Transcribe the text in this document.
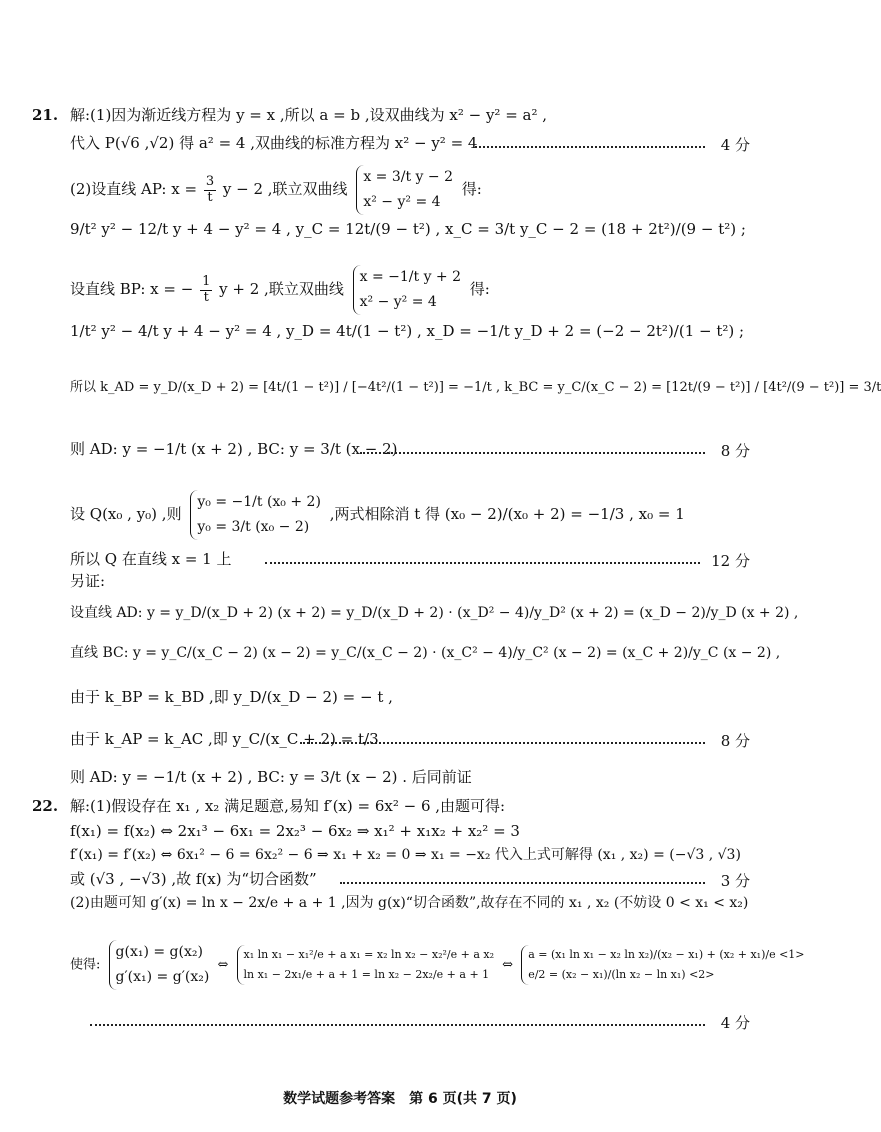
21. 解:(1)因为渐近线方程为 y = x ,所以 a = b ,设双曲线为 x² − y² = a² ,
代入 P(√6 ,√2) 得 a² = 4 ,双曲线的标准方程为 x² − y² = 4	4 分
(2)设直线 AP: $x = \frac{3}{t}$ y − 2 ,联立双曲线
x = 3/t y − 2
x² − y² = 4
得:
9/t² y² − 12/t y + 4 − y² = 4 , y_C = 12t/(9 − t²) , x_C = 3/t y_C − 2 = (18 + 2t²)/(9 − t²) ;
设直线 BP: x = − $\frac{1}{t}$ y + 2 ,联立双曲线
x = −1/t y + 2
x² − y² = 4
得:
1/t² y² − 4/t y + 4 − y² = 4 , y_D = 4t/(1 − t²) , x_D = −1/t y_D + 2 = (−2 − 2t²)/(1 − t²) ;
所以 k_AD = y_D/(x_D + 2) = [4t/(1 − t²)] / [−4t²/(1 − t²)] = −1/t , k_BC = y_C/(x_C − 2) = [12t/(9 − t²)] / [4t²/(9 − t²)] = 3/t
则 AD: y = −1/t (x + 2) , BC: y = 3/t (x − 2)	8 分
设 Q(x₀ , y₀) ,则
y₀ = −1/t (x₀ + 2)
y₀ = 3/t (x₀ − 2)
,两式相除消 t 得 (x₀ − 2)/(x₀ + 2) = −1/3 , x₀ = 1
所以 Q 在直线 x = 1 上	12 分
另证:
设直线 AD: y = y_D/(x_D + 2) (x + 2) = y_D/(x_D + 2) · (x_D² − 4)/y_D² (x + 2) = (x_D − 2)/y_D (x + 2) ,
直线 BC: y = y_C/(x_C − 2) (x − 2) = y_C/(x_C − 2) · (x_C² − 4)/y_C² (x − 2) = (x_C + 2)/y_C (x − 2) ,
由于 k_BP = k_BD ,即 y_D/(x_D − 2) = − t ,
由于 k_AP = k_AC ,即 y_C/(x_C + 2) = t/3	8 分
则 AD: y = −1/t (x + 2) , BC: y = 3/t (x − 2) . 后同前证
22. 解:(1)假设存在 x₁ , x₂ 满足题意,易知 f′(x) = 6x² − 6 ,由题可得:
f(x₁) = f(x₂) ⇔ 2x₁³ − 6x₁ = 2x₂³ − 6x₂ ⇒ x₁² + x₁x₂ + x₂² = 3
f′(x₁) = f′(x₂) ⇔ 6x₁² − 6 = 6x₂² − 6 ⇒ x₁ + x₂ = 0 ⇒ x₁ = −x₂ 代入上式可解得 (x₁ , x₂) = (−√3 , √3)
或 (√3 , −√3) ,故 f(x) 为“切合函数”	3 分
(2)由题可知 g′(x) = ln x − 2x/e + a + 1 ,因为 g(x)“切合函数”,故存在不同的 x₁ , x₂ (不妨设 0 < x₁ < x₂)
使得:
g(x₁) = g(x₂)
g′(x₁) = g′(x₂)
⇔
x₁ ln x₁ − x₁²/e + a x₁ = x₂ ln x₂ − x₂²/e + a x₂
ln x₁ − 2x₁/e + a + 1 = ln x₂ − 2x₂/e + a + 1
⇔
a = (x₁ ln x₁ − x₂ ln x₂)/(x₂ − x₁) + (x₂ + x₁)/e <1>
e/2 = (x₂ − x₁)/(ln x₂ − ln x₁) <2>
4 分
数学试题参考答案　第 6 页(共 7 页)
